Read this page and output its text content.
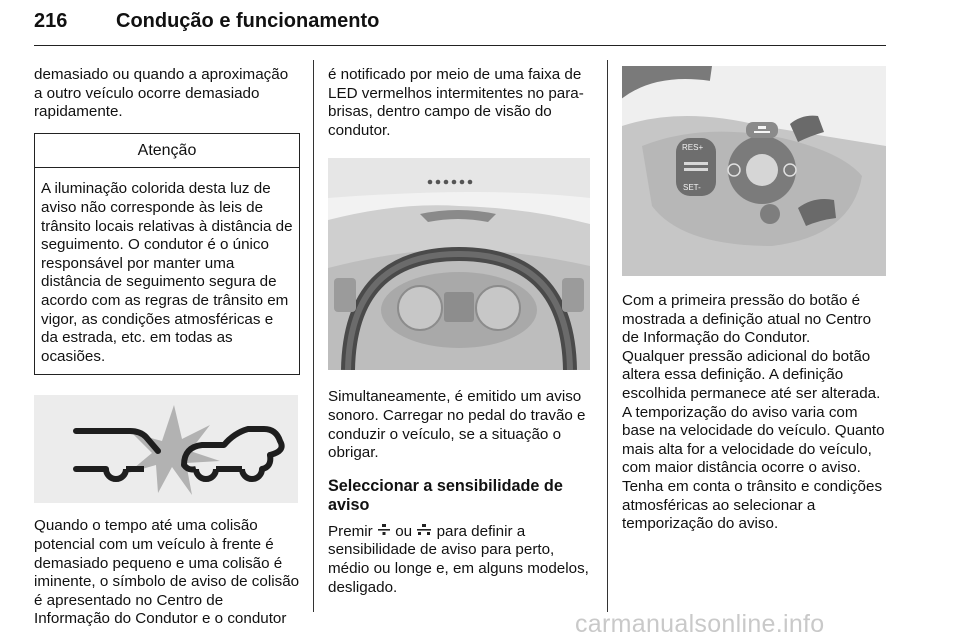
216 Condução e funcionamento

demasiado ou quando a aproximação a outro veículo ocorre demasiado rapidamente.

Atenção
A iluminação colorida desta luz de aviso não corresponde às leis de trânsito locais relativas à distância de seguimento. O condutor é o único responsável por manter uma distância de seguimento segura de acordo com as regras de trânsito em vigor, as condições atmosféricas e da estrada, etc. em todas as ocasiões.

Quando o tempo até uma colisão potencial com um veículo à frente é demasiado pequeno e uma colisão é iminente, o símbolo de aviso de colisão é apresentado no Centro de Informação do Condutor e o condutor

é notificado por meio de uma faixa de LED vermelhos intermitentes no para-brisas, dentro campo de visão do condutor.

Simultaneamente, é emitido um aviso sonoro. Carregar no pedal do travão e conduzir o veículo, se a situação o obrigar.

Seleccionar a sensibilidade de aviso

Premir ou para definir a sensibilidade de aviso para perto, médio ou longe e, em alguns modelos, desligado.

RES+
SET-

Com a primeira pressão do botão é mostrada a definição atual no Centro de Informação do Condutor.

Qualquer pressão adicional do botão altera essa definição. A definição escolhida permanece até ser alterada. A temporização do aviso varia com base na velocidade do veículo. Quanto mais alta for a velocidade do veículo, com maior distância ocorre o aviso. Tenha em conta o trânsito e condições atmosféricas ao selecionar a temporização do aviso.

carmanualsonline.info
